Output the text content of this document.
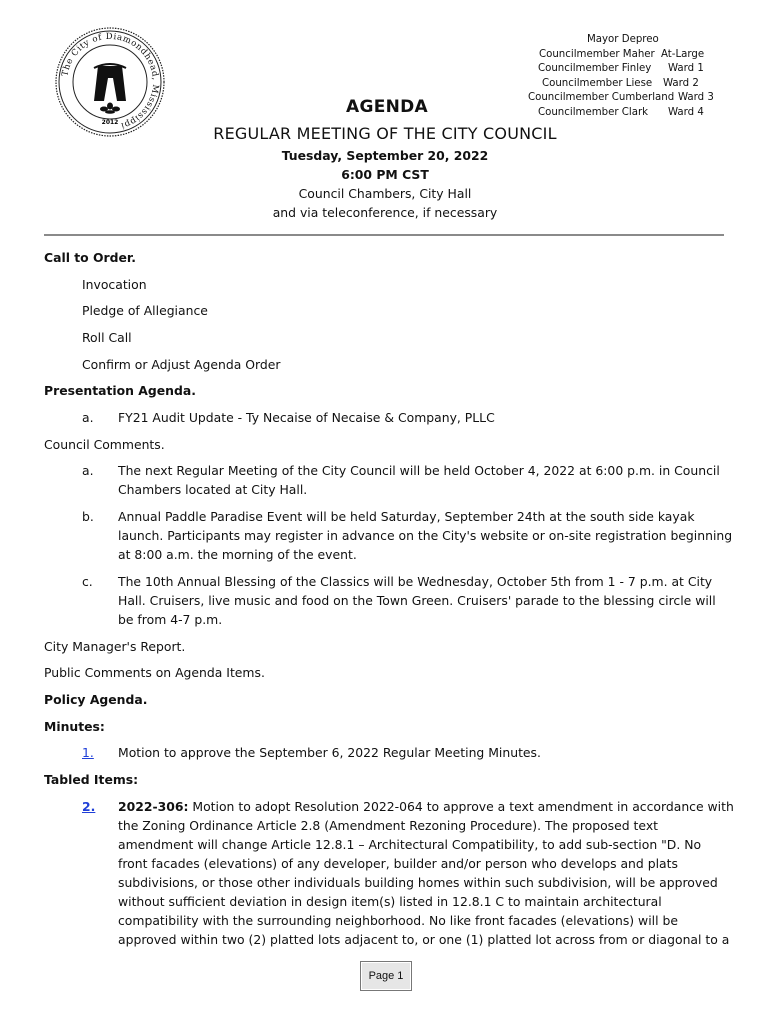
The City of Diamondhead, Mississippi
2012
Mayor Depreo
Councilmember Maher At-Large
Councilmember Finley Ward 1
Councilmember Liese Ward 2
Councilmember Cumberland Ward 3
Councilmember Clark Ward 4
AGENDA
REGULAR MEETING OF THE CITY COUNCIL
Tuesday, September 20, 2022
6:00 PM CST
Council Chambers, City Hall
and via teleconference, if necessary
Call to Order.
Invocation
Pledge of Allegiance
Roll Call
Confirm or Adjust Agenda Order
Presentation Agenda.
a. FY21 Audit Update - Ty Necaise of Necaise & Company, PLLC
Council Comments.
a. The next Regular Meeting of the City Council will be held October 4, 2022 at 6:00 p.m. in Council
Chambers located at City Hall.
b. Annual Paddle Paradise Event will be held Saturday, September 24th at the south side kayak
launch. Participants may register in advance on the City's website or on-site registration beginning
at 8:00 a.m. the morning of the event.
c. The 10th Annual Blessing of the Classics will be Wednesday, October 5th from 1 - 7 p.m. at City
Hall. Cruisers, live music and food on the Town Green. Cruisers' parade to the blessing circle will
be from 4-7 p.m.
City Manager's Report.
Public Comments on Agenda Items.
Policy Agenda.
Minutes:
1. Motion to approve the September 6, 2022 Regular Meeting Minutes.
Tabled Items:
2. 2022-306: Motion to adopt Resolution 2022-064 to approve a text amendment in accordance with
the Zoning Ordinance Article 2.8 (Amendment Rezoning Procedure). The proposed text
amendment will change Article 12.8.1 – Architectural Compatibility, to add sub-section "D. No
front facades (elevations) of any developer, builder and/or person who develops and plats
subdivisions, or those other individuals building homes within such subdivision, will be approved
without sufficient deviation in design item(s) listed in 12.8.1 C to maintain architectural
compatibility with the surrounding neighborhood. No like front facades (elevations) will be
approved within two (2) platted lots adjacent to, or one (1) platted lot across from or diagonal to a
Page 1
